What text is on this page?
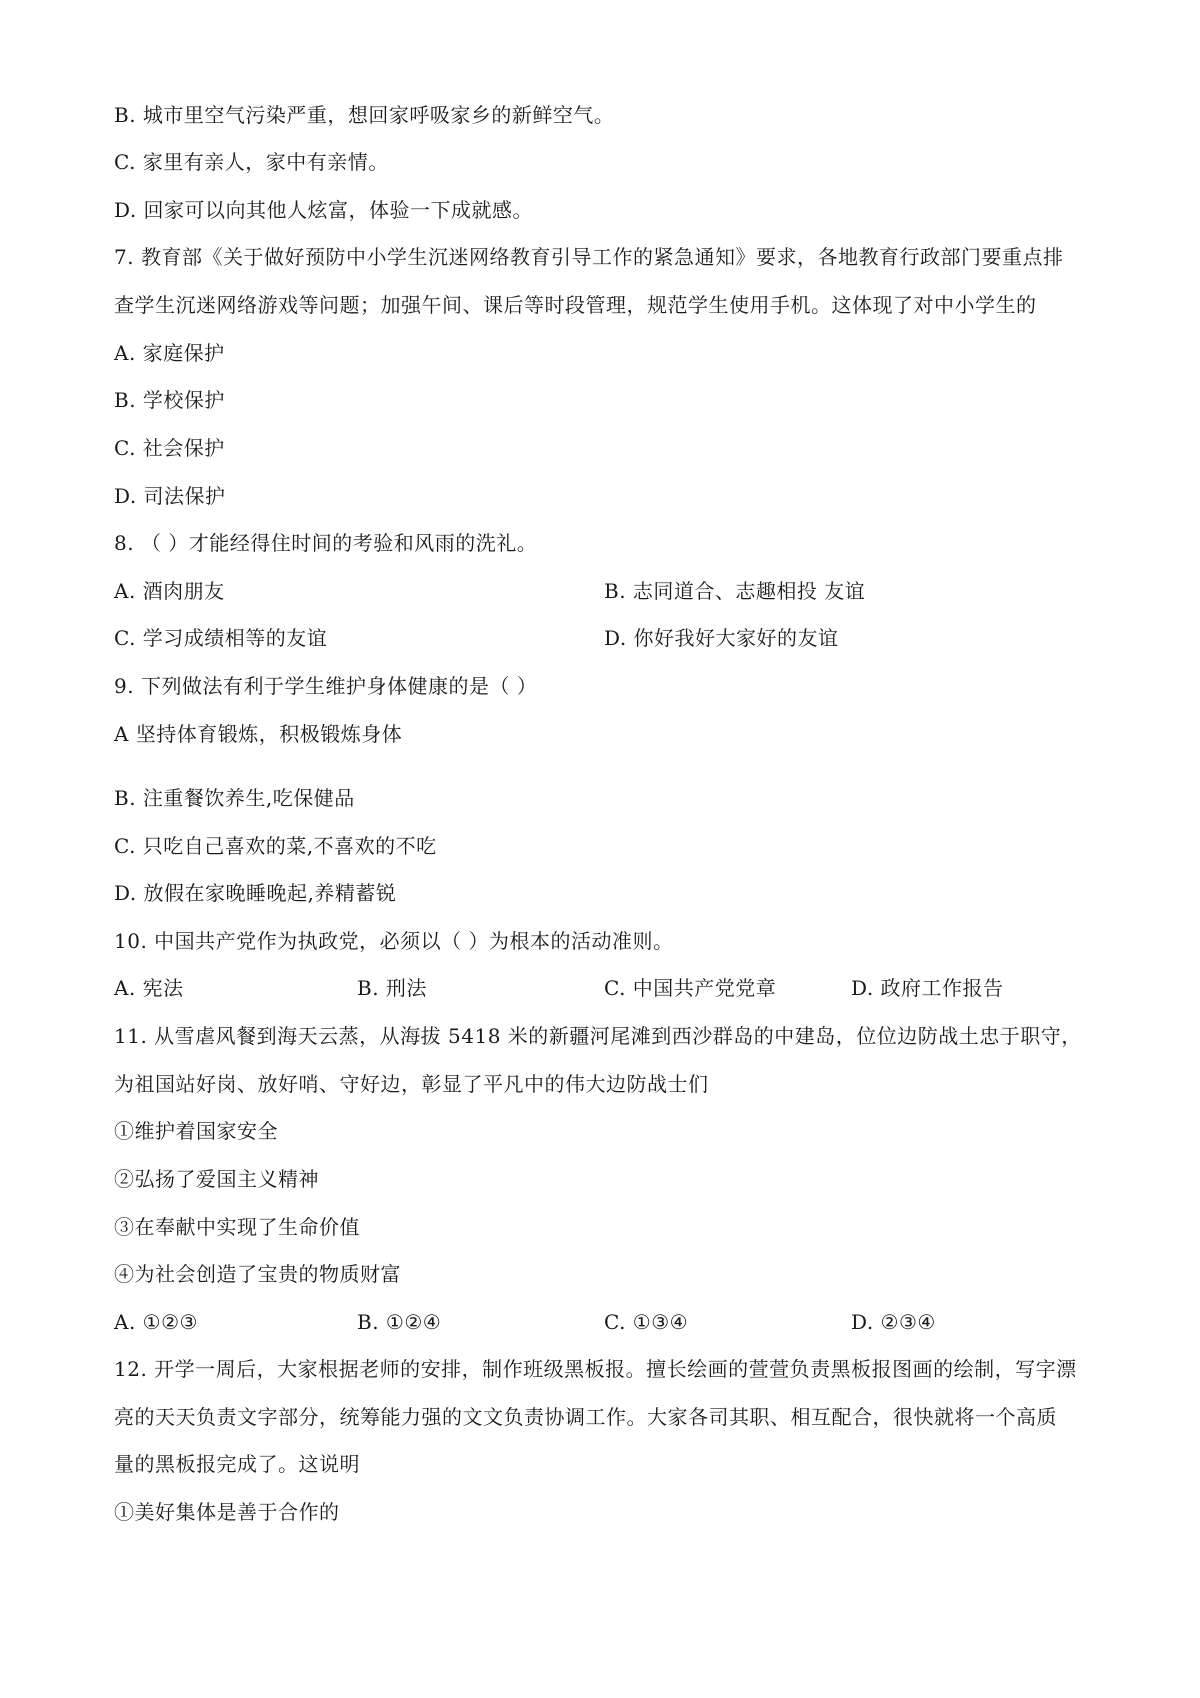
B. 城市里空气污染严重，想回家呼吸家乡的新鲜空气。
C. 家里有亲人，家中有亲情。
D. 回家可以向其他人炫富，体验一下成就感。
7. 教育部《关于做好预防中小学生沉迷网络教育引导工作的紧急通知》要求，各地教育行政部门要重点排
查学生沉迷网络游戏等问题；加强午间、课后等时段管理，规范学生使用手机。这体现了对中小学生的
A. 家庭保护
B. 学校保护
C. 社会保护
D. 司法保护
8. （ ）才能经得住时间的考验和风雨的洗礼。
A. 酒肉朋友	B. 志同道合、志趣相投 友谊
C. 学习成绩相等的友谊	D. 你好我好大家好的友谊
9. 下列做法有利于学生维护身体健康的是（ ）
A 坚持体育锻炼，积极锻炼身体
B. 注重餐饮养生,吃保健品
C. 只吃自己喜欢的菜,不喜欢的不吃
D. 放假在家晚睡晚起,养精蓄锐
10. 中国共产党作为执政党，必须以（ ）为根本的活动准则。
A. 宪法	B. 刑法	C. 中国共产党党章	D. 政府工作报告
11. 从雪虐风餐到海天云蒸，从海拔 5418 米的新疆河尾滩到西沙群岛的中建岛，位位边防战土忠于职守，
为祖国站好岗、放好哨、守好边，彰显了平凡中的伟大边防战士们
①维护着国家安全
②弘扬了爱国主义精神
③在奉献中实现了生命价值
④为社会创造了宝贵的物质财富
A. ①②③	B. ①②④	C. ①③④	D. ②③④
12. 开学一周后，大家根据老师的安排，制作班级黑板报。擅长绘画的萱萱负责黑板报图画的绘制，写字漂
亮的天天负责文字部分，统筹能力强的文文负责协调工作。大家各司其职、相互配合，很快就将一个高质
量的黑板报完成了。这说明
①美好集体是善于合作的
